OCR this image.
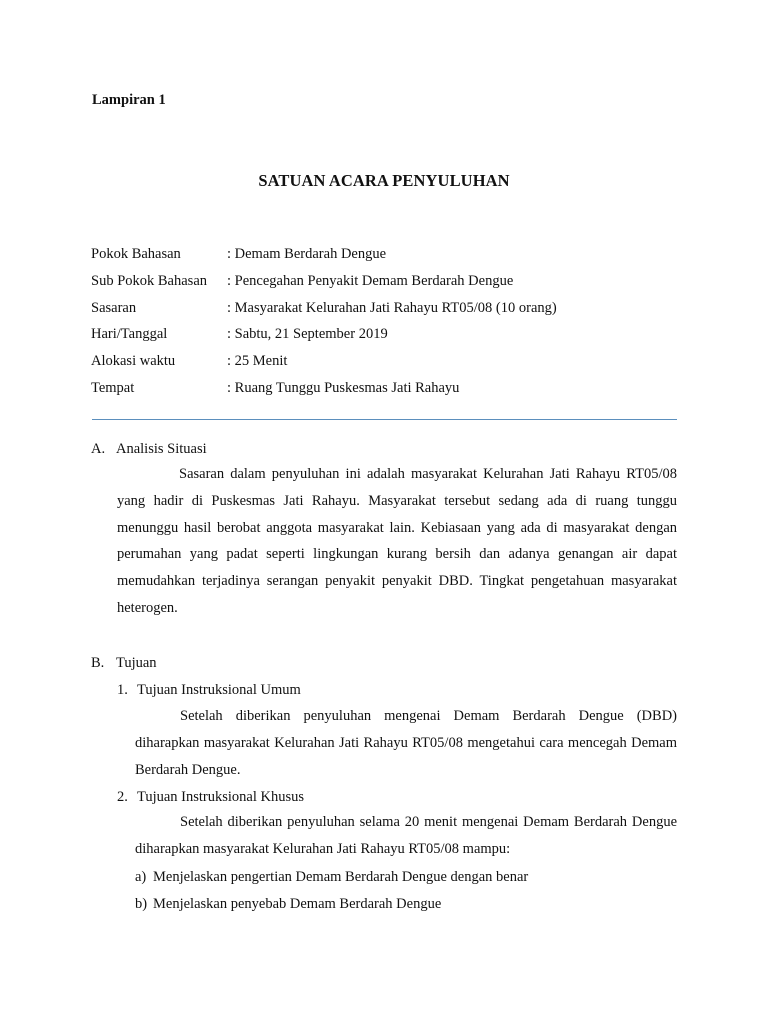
Lampiran 1
SATUAN ACARA PENYULUHAN
Pokok Bahasan	: Demam Berdarah Dengue
Sub Pokok Bahasan	: Pencegahan Penyakit Demam Berdarah Dengue
Sasaran	: Masyarakat Kelurahan Jati Rahayu RT05/08 (10 orang)
Hari/Tanggal	: Sabtu, 21 September 2019
Alokasi waktu	: 25 Menit
Tempat	: Ruang Tunggu Puskesmas Jati Rahayu
A. Analisis Situasi
Sasaran dalam penyuluhan ini adalah masyarakat Kelurahan Jati Rahayu RT05/08 yang hadir di Puskesmas Jati Rahayu. Masyarakat tersebut sedang ada di ruang tunggu menunggu hasil berobat anggota masyarakat lain. Kebiasaan yang ada di masyarakat dengan perumahan yang padat seperti lingkungan kurang bersih dan adanya genangan air dapat memudahkan terjadinya serangan penyakit penyakit DBD. Tingkat pengetahuan masyarakat heterogen.
B. Tujuan
1. Tujuan Instruksional Umum
Setelah diberikan penyuluhan mengenai Demam Berdarah Dengue (DBD) diharapkan masyarakat Kelurahan Jati Rahayu RT05/08 mengetahui cara mencegah Demam Berdarah Dengue.
2. Tujuan Instruksional Khusus
Setelah diberikan penyuluhan selama 20 menit mengenai Demam Berdarah Dengue diharapkan masyarakat Kelurahan Jati Rahayu RT05/08 mampu:
a) Menjelaskan pengertian Demam Berdarah Dengue dengan benar
b) Menjelaskan penyebab Demam Berdarah Dengue
